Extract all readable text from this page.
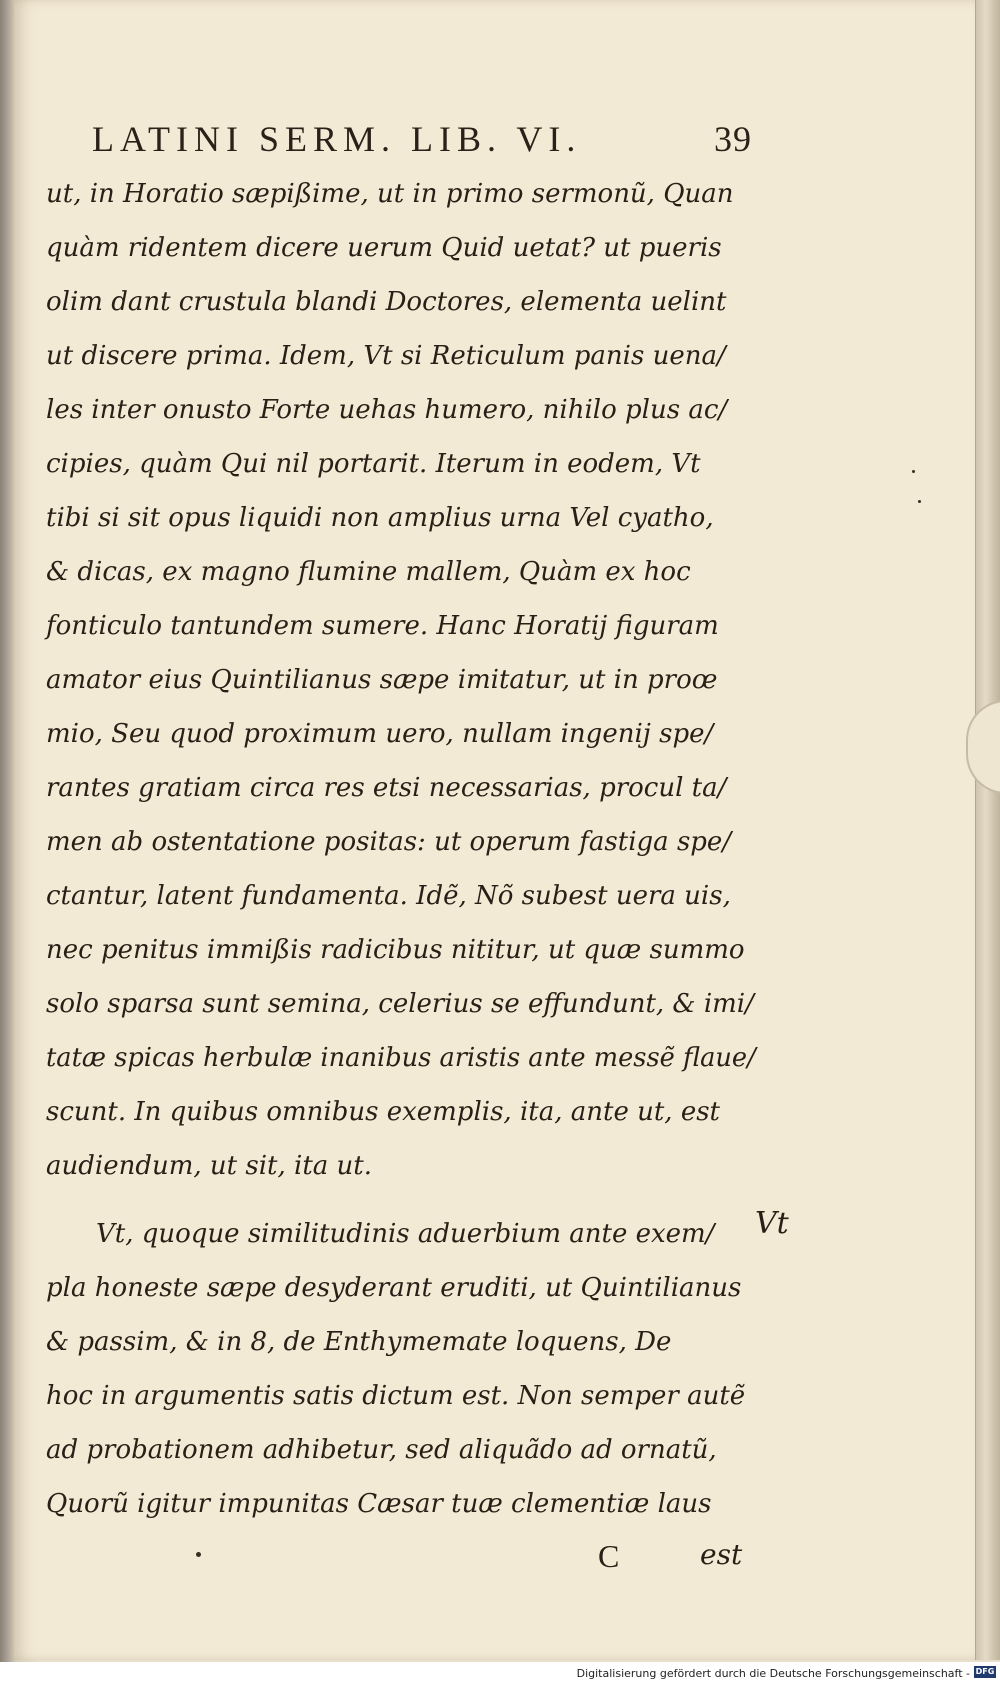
LATINI SERM. LIB. VI.	39
ut, in Horatio sæpißime, ut in primo sermonũ, Quan
quàm ridentem dicere uerum Quid uetat? ut pueris
olim dant crustula blandi Doctores, elementa uelint
ut discere prima. Idem, Vt si Reticulum panis uena/
les inter onusto Forte uehas humero, nihilo plus ac/
cipies, quàm Qui nil portarit. Iterum in eodem, Vt
tibi si sit opus liquidi non amplius urna Vel cyatho,
& dicas, ex magno flumine mallem, Quàm ex hoc
fonticulo tantundem sumere. Hanc Horatij figuram
amator eius Quintilianus sæpe imitatur, ut in proœ
mio, Seu quod proximum uero, nullam ingenij spe/
rantes gratiam circa res etsi necessarias, procul ta/
men ab ostentatione positas: ut operum fastiga spe/
ctantur, latent fundamenta. Idẽ, Nõ subest uera uis,
nec penitus immißis radicibus nititur, ut quæ summo
solo sparsa sunt semina, celerius se effundunt, & imi/
tatæ spicas herbulæ inanibus aristis ante messẽ flaue/
scunt. In quibus omnibus exemplis, ita, ante ut, est
audiendum, ut sit, ita ut.
Vt, quoque similitudinis aduerbium ante exem/
pla honeste sæpe desyderant eruditi, ut Quintilianus
& passim, & in 8, de Enthymemate loquens, De
hoc in argumentis satis dictum est. Non semper autẽ
ad probationem adhibetur, sed aliquãdo ad ornatũ,
Quorũ igitur impunitas Cæsar tuæ clementiæ laus
Vt
C	est
Digitalisierung gefördert durch die Deutsche Forschungsgemeinschaft - DFG
